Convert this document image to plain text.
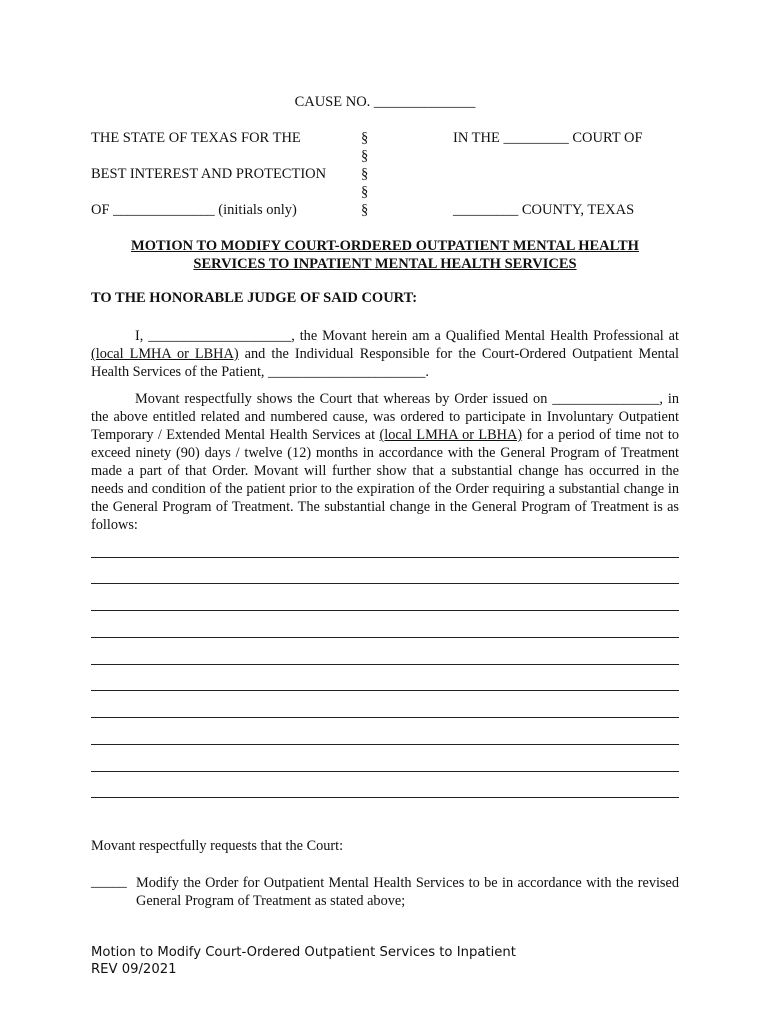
CAUSE NO. ______________
THE STATE OF TEXAS FOR THE
BEST INTEREST AND PROTECTION
OF ______________ (initials only)
§
§
§
§
§
IN THE _________ COURT OF
_________ COUNTY, TEXAS
MOTION TO MODIFY COURT-ORDERED OUTPATIENT MENTAL HEALTH
SERVICES TO INPATIENT MENTAL HEALTH SERVICES
TO THE HONORABLE JUDGE OF SAID COURT:
I, ____________________, the Movant herein am a Qualified Mental Health Professional at (local LMHA or LBHA) and the Individual Responsible for the Court-Ordered Outpatient Mental Health Services of the Patient, ______________________.
Movant respectfully shows the Court that whereas by Order issued on _______________, in the above entitled related and numbered cause, was ordered to participate in Involuntary Outpatient Temporary / Extended Mental Health Services at (local LMHA or LBHA) for a period of time not to exceed ninety (90) days / twelve (12) months in accordance with the General Program of Treatment made a part of that Order. Movant will further show that a substantial change has occurred in the needs and condition of the patient prior to the expiration of the Order requiring a substantial change in the General Program of Treatment. The substantial change in the General Program of Treatment is as follows:
Movant respectfully requests that the Court:
_____ Modify the Order for Outpatient Mental Health Services to be in accordance with the revised General Program of Treatment as stated above;
Motion to Modify Court-Ordered Outpatient Services to Inpatient
REV 09/2021
